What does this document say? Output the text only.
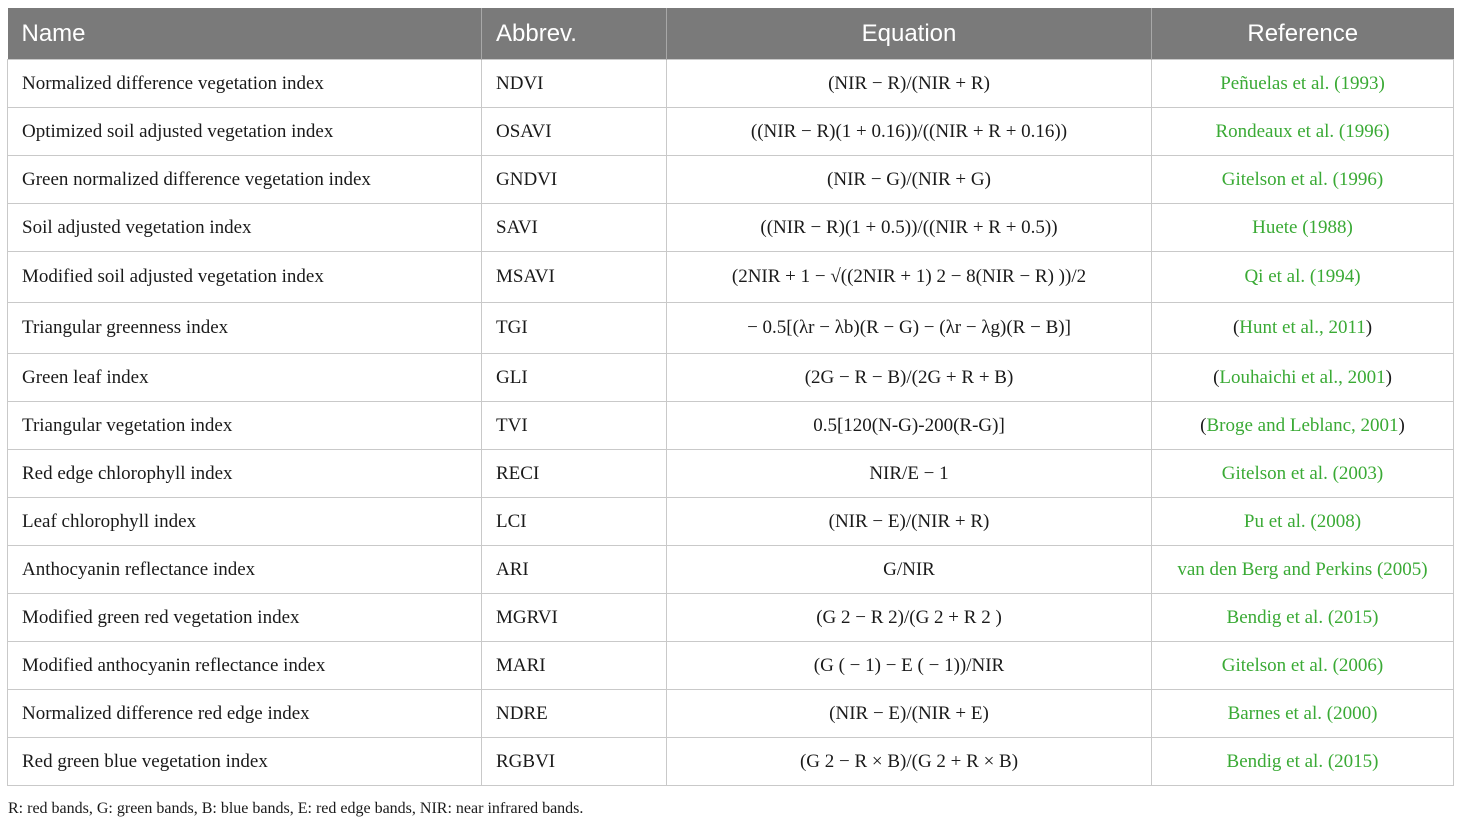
Name	Abbrev.	Equation	Reference
Normalized difference vegetation index	NDVI	(NIR − R)/(NIR + R)	Peñuelas et al. (1993)
Optimized soil adjusted vegetation index	OSAVI	((NIR − R)(1 + 0.16))/((NIR + R + 0.16))	Rondeaux et al. (1996)
Green normalized difference vegetation index	GNDVI	(NIR − G)/(NIR + G)	Gitelson et al. (1996)
Soil adjusted vegetation index	SAVI	((NIR − R)(1 + 0.5))/((NIR + R + 0.5))	Huete (1988)
Modified soil adjusted vegetation index	MSAVI	(2NIR + 1 − √((2NIR + 1) 2 − 8(NIR − R) ))/2	Qi et al. (1994)
Triangular greenness index	TGI	− 0.5[(λr − λb)(R − G) − (λr − λg)(R − B)]	(Hunt et al., 2011)
Green leaf index	GLI	(2G − R − B)/(2G + R + B)	(Louhaichi et al., 2001)
Triangular vegetation index	TVI	0.5[120(N-G)-200(R-G)]	(Broge and Leblanc, 2001)
Red edge chlorophyll index	RECI	NIR/E − 1	Gitelson et al. (2003)
Leaf chlorophyll index	LCI	(NIR − E)/(NIR + R)	Pu et al. (2008)
Anthocyanin reflectance index	ARI	G/NIR	van den Berg and Perkins (2005)
Modified green red vegetation index	MGRVI	(G 2 − R 2)/(G 2 + R 2 )	Bendig et al. (2015)
Modified anthocyanin reflectance index	MARI	(G ( − 1) − E ( − 1))/NIR	Gitelson et al. (2006)
Normalized difference red edge index	NDRE	(NIR − E)/(NIR + E)	Barnes et al. (2000)
Red green blue vegetation index	RGBVI	(G 2 − R × B)/(G 2 + R × B)	Bendig et al. (2015)
R: red bands, G: green bands, B: blue bands, E: red edge bands, NIR: near infrared bands.
